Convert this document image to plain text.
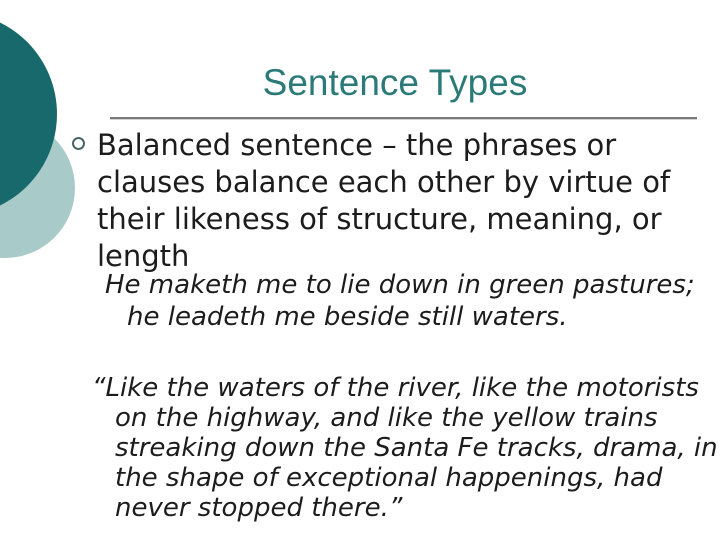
Sentence Types
Balanced sentence – the phrases or
clauses balance each other by virtue of
their likeness of structure, meaning, or
length
He maketh me to lie down in green pastures;
he leadeth me beside still waters.
“Like the waters of the river, like the motorists
on the highway, and like the yellow trains
streaking down the Santa Fe tracks, drama, in
the shape of exceptional happenings, had
never stopped there.”
